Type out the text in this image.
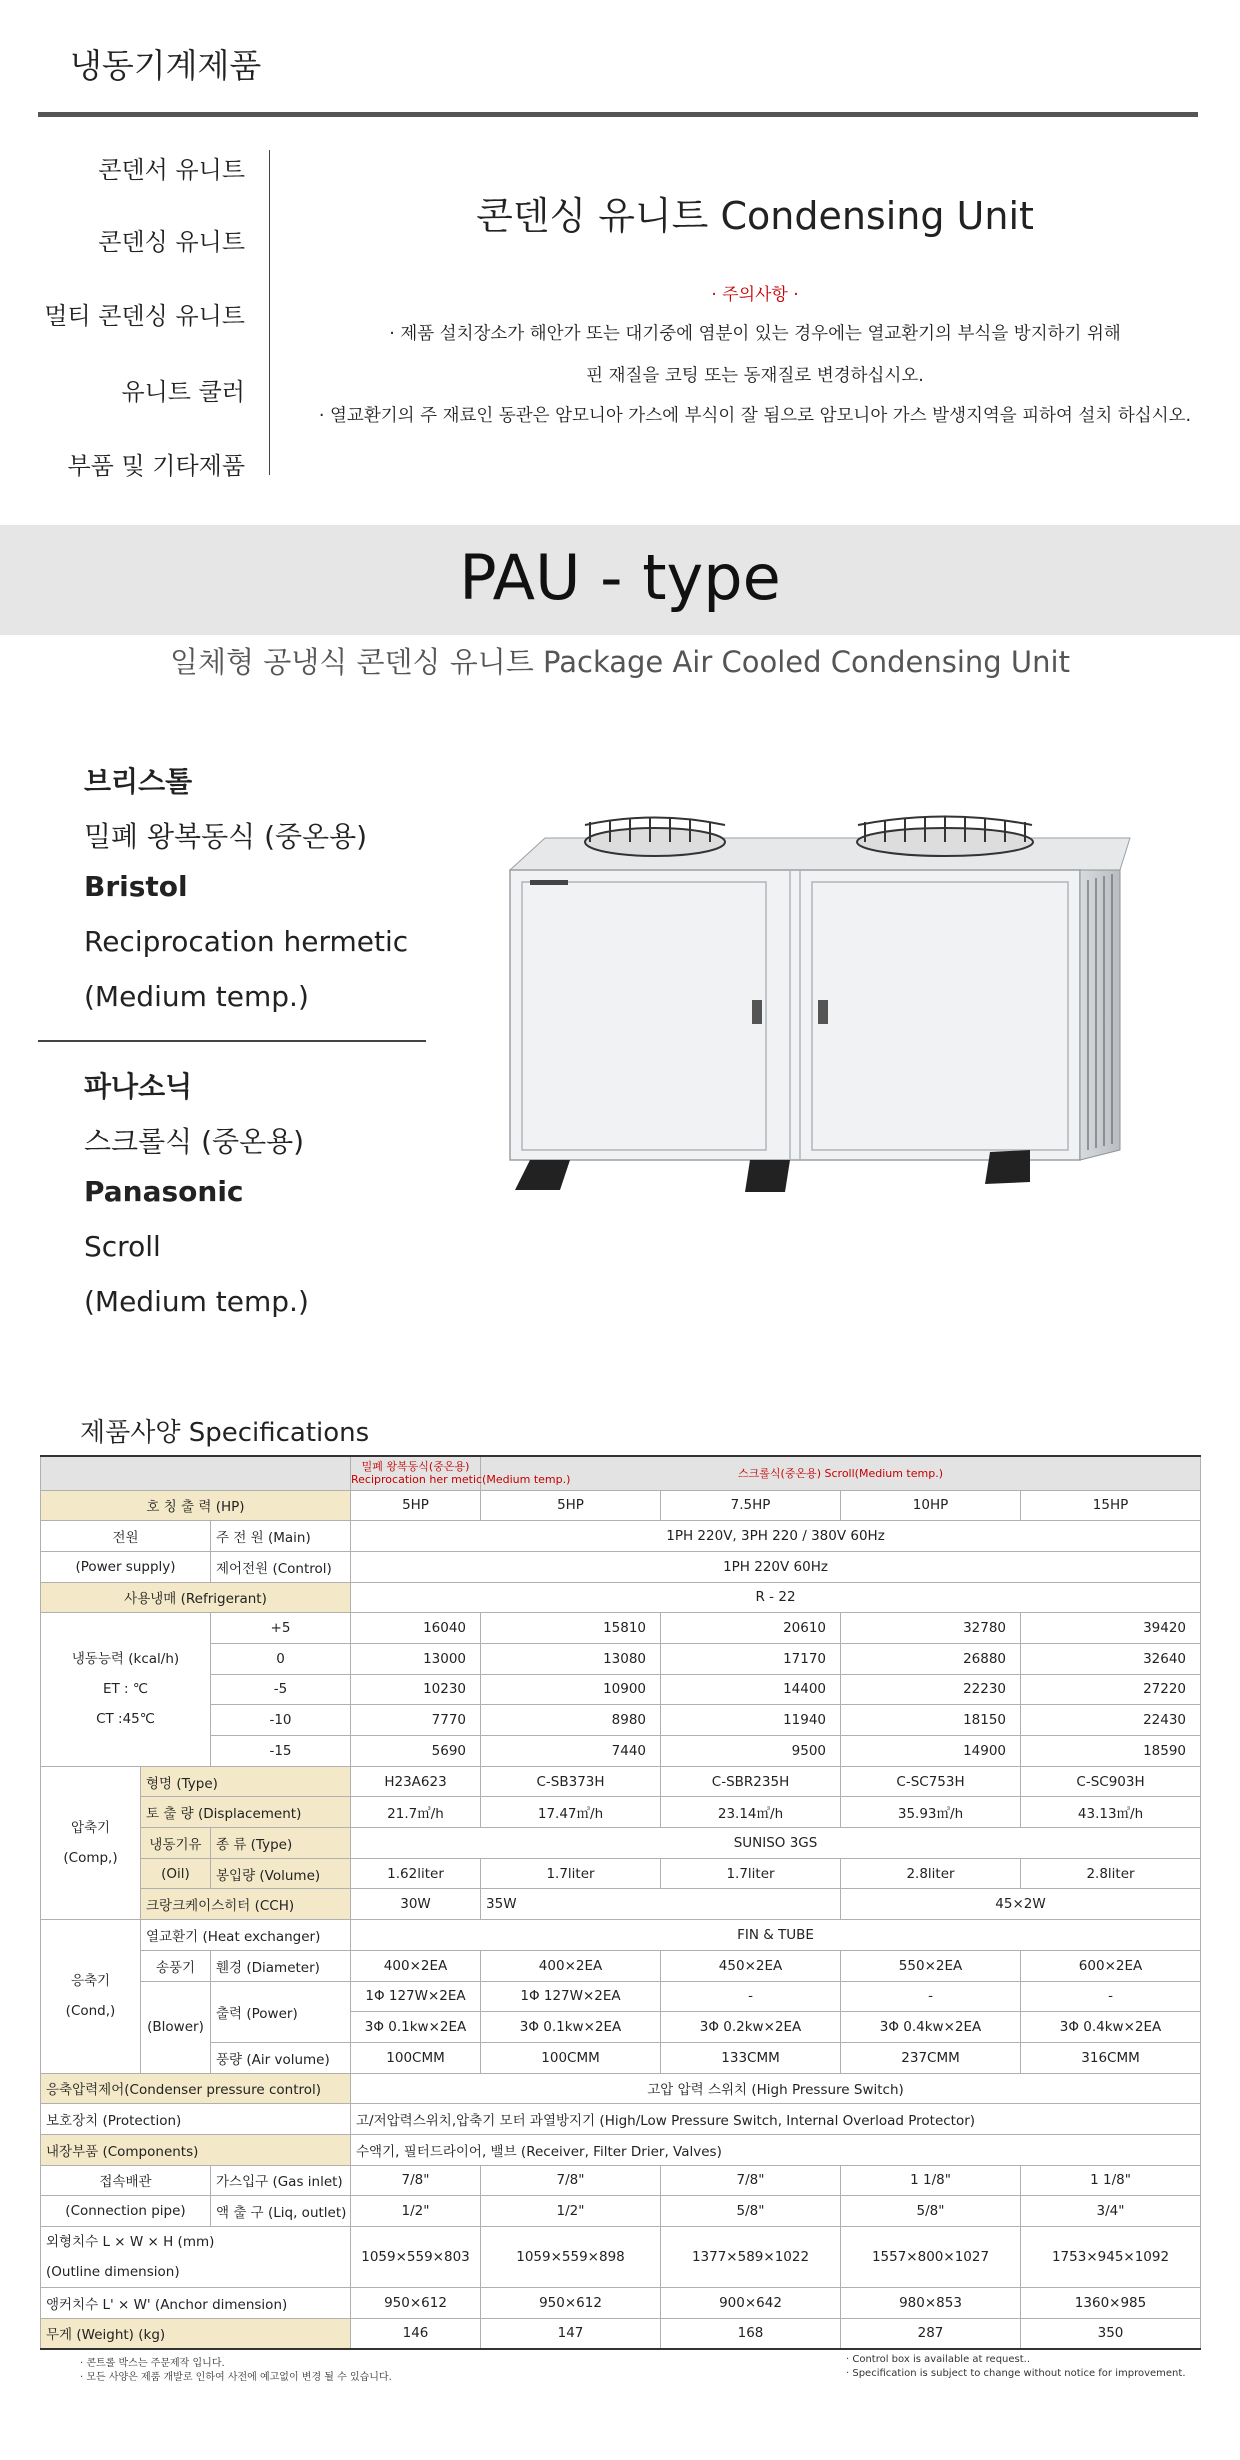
냉동기계제품
콘덴서 유니트
콘덴싱 유니트
멀티 콘덴싱 유니트
유니트 쿨러
부품 및 기타제품
콘덴싱 유니트 Condensing Unit
· 주의사항 ·
· 제품 설치장소가 해안가 또는 대기중에 염분이 있는 경우에는 열교환기의 부식을 방지하기 위해
핀 재질을 코팅 또는 동재질로 변경하십시오.
· 열교환기의 주 재료인 동관은 암모니아 가스에 부식이 잘 됨으로 암모니아 가스 발생지역을 피하여 설치 하십시오.
PAU - type
일체형 공냉식 콘덴싱 유니트 Package Air Cooled Condensing Unit
브리스톨
밀폐 왕복동식 (중온용)
Bristol
Reciprocation hermetic
(Medium temp.)
파나소닉
스크롤식 (중온용)
Panasonic
Scroll
(Medium temp.)
제품사양 Specifications
			밀폐 왕복동식(중온용)
Reciprocation her metic(Medium temp.)	스크롤식(중온용) Scroll(Medium temp.)			
호 칭 출 력 (HP)			5HP	5HP	7.5HP	10HP	15HP
전원		주 전 원 (Main)	1PH 220V, 3PH 220 / 380V 60Hz				
(Power supply)		제어전원 (Control)	1PH 220V 60Hz				
사용냉매 (Refrigerant)			R - 22				
냉동능력 (kcal/h)
ET : ℃
CT :45℃		+5	16040	15810	20610	32780	39420
		0	13000	13080	17170	26880	32640
		-5	10230	10900	14400	22230	27220
		-10	7770	8980	11940	18150	22430
		-15	5690	7440	9500	14900	18590
압축기
(Comp,)	형명 (Type)		H23A623	C-SB373H	C-SBR235H	C-SC753H	C-SC903H
	토 출 량 (Displacement)		21.7㎥/h	17.47㎥/h	23.14㎥/h	35.93㎥/h	43.13㎥/h
	냉동기유	종 류 (Type)	SUNISO 3GS				
	(Oil)	봉입량 (Volume)	1.62liter	1.7liter	1.7liter	2.8liter	2.8liter
	크랑크케이스히터 (CCH)		30W	35W		45×2W	
응축기
(Cond,)	열교환기 (Heat exchanger)		FIN & TUBE				
	송풍기	휀경 (Diameter)	400×2EA	400×2EA	450×2EA	550×2EA	600×2EA
	(Blower)	출력 (Power)	1Φ 127W×2EA	1Φ 127W×2EA	-	-	-
			3Φ 0.1kw×2EA	3Φ 0.1kw×2EA	3Φ 0.2kw×2EA	3Φ 0.4kw×2EA	3Φ 0.4kw×2EA
		풍량 (Air volume)	100CMM	100CMM	133CMM	237CMM	316CMM
응축압력제어(Condenser pressure control)			고압 압력 스위치 (High Pressure Switch)				
보호장치 (Protection)			고/저압력스위치,압축기 모터 과열방지기 (High/Low Pressure Switch, Internal Overload Protector)				
내장부품 (Components)			수액기, 필터드라이어, 밸브 (Receiver, Filter Drier, Valves)				
접속배관		가스입구 (Gas inlet)	7/8"	7/8"	7/8"	1 1/8"	1 1/8"
(Connection pipe)		액 출 구 (Liq, outlet)	1/2"	1/2"	5/8"	5/8"	3/4"
외형치수 L × W × H (mm)
(Outline dimension)			1059×559×803	1059×559×898	1377×589×1022	1557×800×1027	1753×945×1092
앵커치수 L' × W' (Anchor dimension)			950×612	950×612	900×642	980×853	1360×985
무게 (Weight) (kg)			146	147	168	287	350
· 콘트롤 박스는 주문제작 입니다.
· 모든 사양은 제품 개발로 인하여 사전에 예고없이 변경 될 수 있습니다.
· Control box is available at request..
· Specification is subject to change without notice for improvement.
